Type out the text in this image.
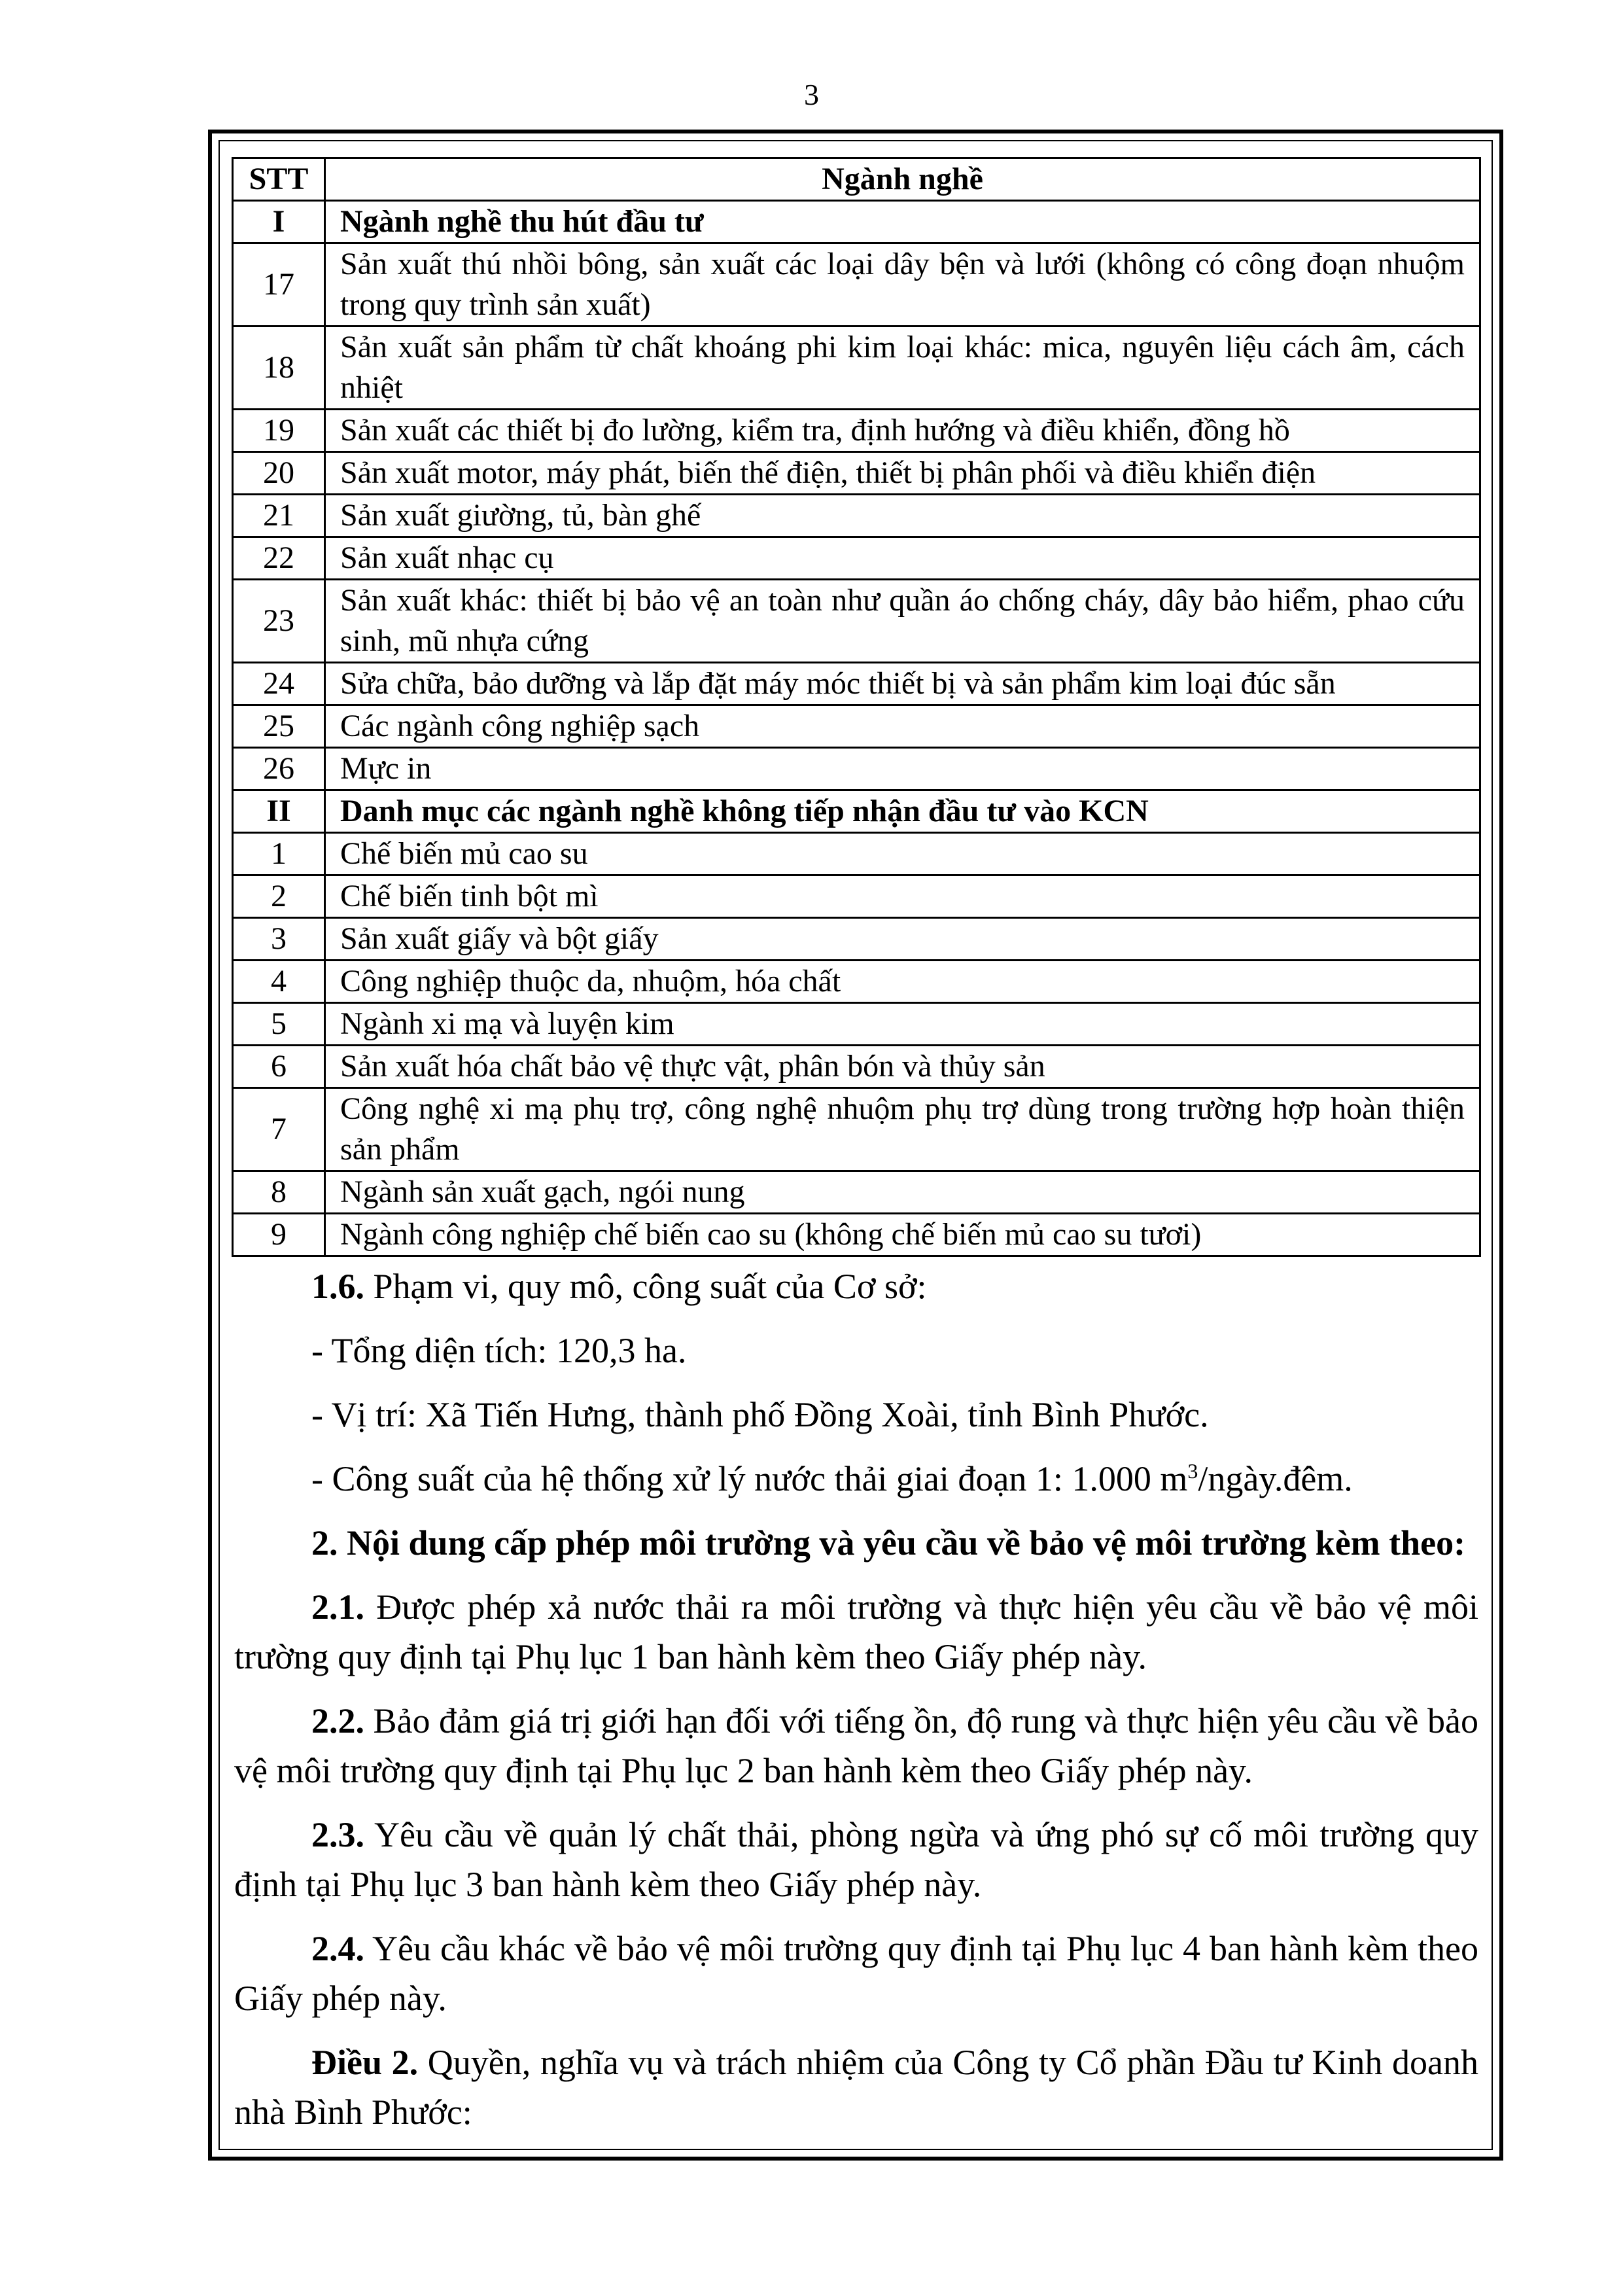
3
STT	Ngành nghề
I	Ngành nghề thu hút đầu tư
17	Sản xuất thú nhồi bông, sản xuất các loại dây bện và lưới (không có công đoạn nhuộm trong quy trình sản xuất)
18	Sản xuất sản phẩm từ chất khoáng phi kim loại khác: mica, nguyên liệu cách âm, cách nhiệt
19	Sản xuất các thiết bị đo lường, kiểm tra, định hướng và điều khiển, đồng hồ
20	Sản xuất motor, máy phát, biến thế điện, thiết bị phân phối và điều khiển điện
21	Sản xuất giường, tủ, bàn ghế
22	Sản xuất nhạc cụ
23	Sản xuất khác: thiết bị bảo vệ an toàn như quần áo chống cháy, dây bảo hiểm, phao cứu sinh, mũ nhựa cứng
24	Sửa chữa, bảo dưỡng và lắp đặt máy móc thiết bị và sản phẩm kim loại đúc sẵn
25	Các ngành công nghiệp sạch
26	Mực in
II	Danh mục các ngành nghề không tiếp nhận đầu tư vào KCN
1	Chế biến mủ cao su
2	Chế biến tinh bột mì
3	Sản xuất giấy và bột giấy
4	Công nghiệp thuộc da, nhuộm, hóa chất
5	Ngành xi mạ và luyện kim
6	Sản xuất hóa chất bảo vệ thực vật, phân bón và thủy sản
7	Công nghệ xi mạ phụ trợ, công nghệ nhuộm phụ trợ dùng trong trường hợp hoàn thiện sản phẩm
8	Ngành sản xuất gạch, ngói nung
9	Ngành công nghiệp chế biến cao su (không chế biến mủ cao su tươi)

1.6. Phạm vi, quy mô, công suất của Cơ sở:

- Tổng diện tích: 120,3 ha.

- Vị trí: Xã Tiến Hưng, thành phố Đồng Xoài, tỉnh Bình Phước.

- Công suất của hệ thống xử lý nước thải giai đoạn 1: 1.000 $m^3/ngày.đêm$.

2. Nội dung cấp phép môi trường và yêu cầu về bảo vệ môi trường kèm theo:

2.1. Được phép xả nước thải ra môi trường và thực hiện yêu cầu về bảo vệ môi trường quy định tại Phụ lục 1 ban hành kèm theo Giấy phép này.

2.2. Bảo đảm giá trị giới hạn đối với tiếng ồn, độ rung và thực hiện yêu cầu về bảo vệ môi trường quy định tại Phụ lục 2 ban hành kèm theo Giấy phép này.

2.3. Yêu cầu về quản lý chất thải, phòng ngừa và ứng phó sự cố môi trường quy định tại Phụ lục 3 ban hành kèm theo Giấy phép này.

2.4. Yêu cầu khác về bảo vệ môi trường quy định tại Phụ lục 4 ban hành kèm theo Giấy phép này.

Điều 2. Quyền, nghĩa vụ và trách nhiệm của Công ty Cổ phần Đầu tư Kinh doanh nhà Bình Phước:
